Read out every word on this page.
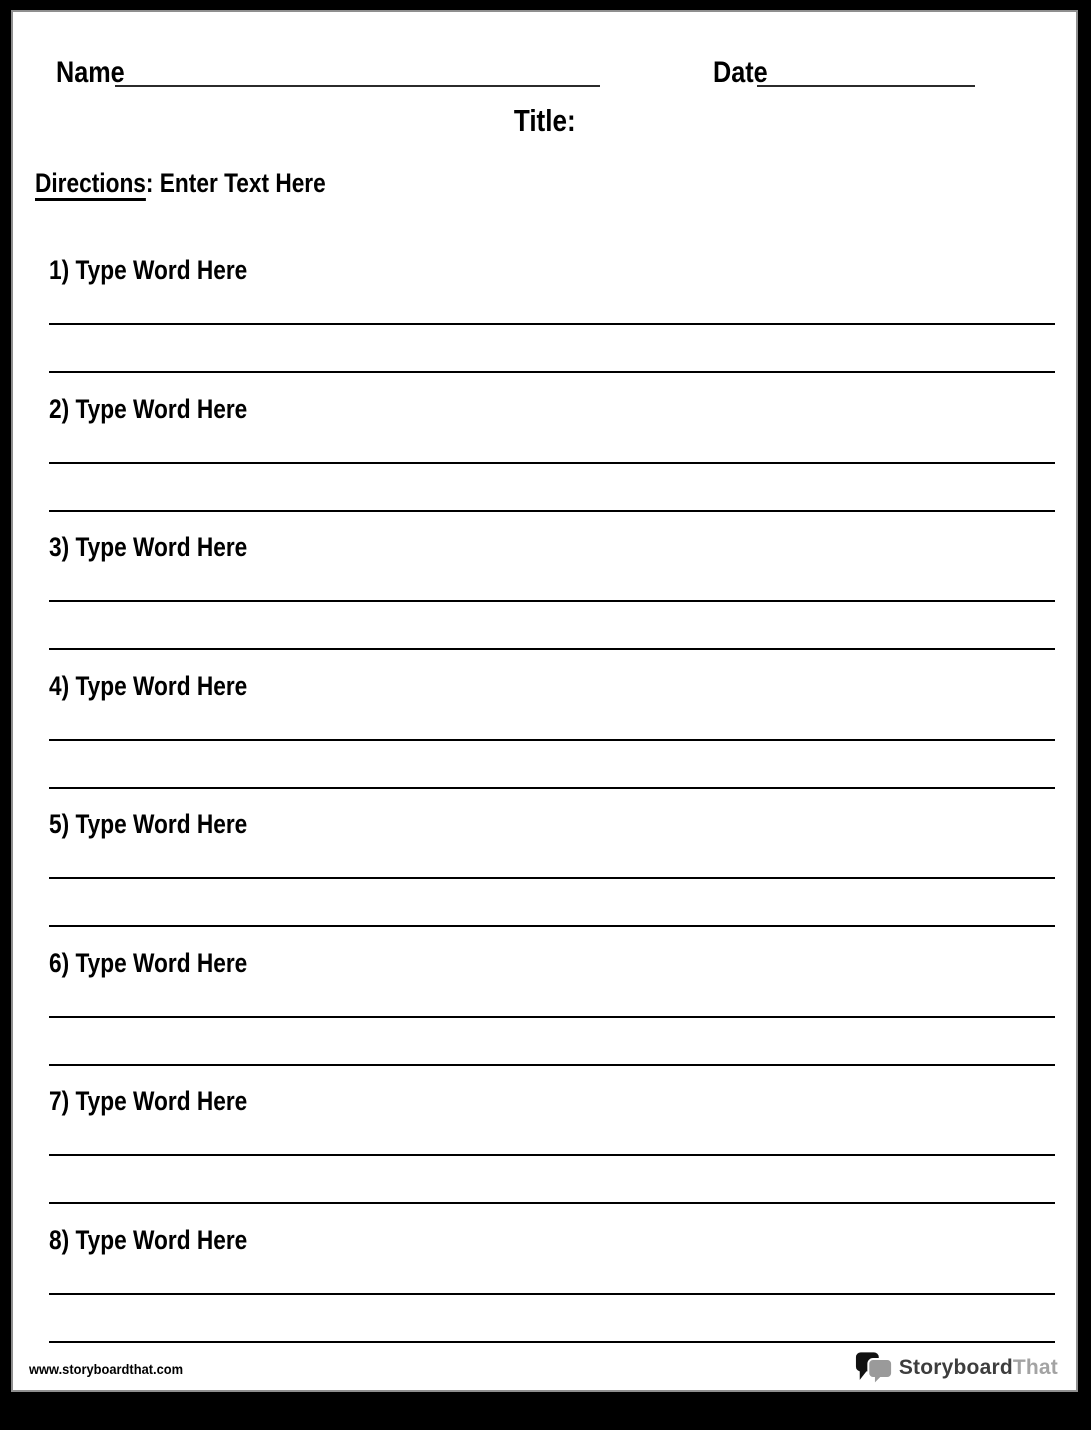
Name	Date
Title:
Directions: Enter Text Here
1) Type Word Here
2) Type Word Here
3) Type Word Here
4) Type Word Here
5) Type Word Here
6) Type Word Here
7) Type Word Here
8) Type Word Here
www.storyboardthat.com	StoryboardThat
